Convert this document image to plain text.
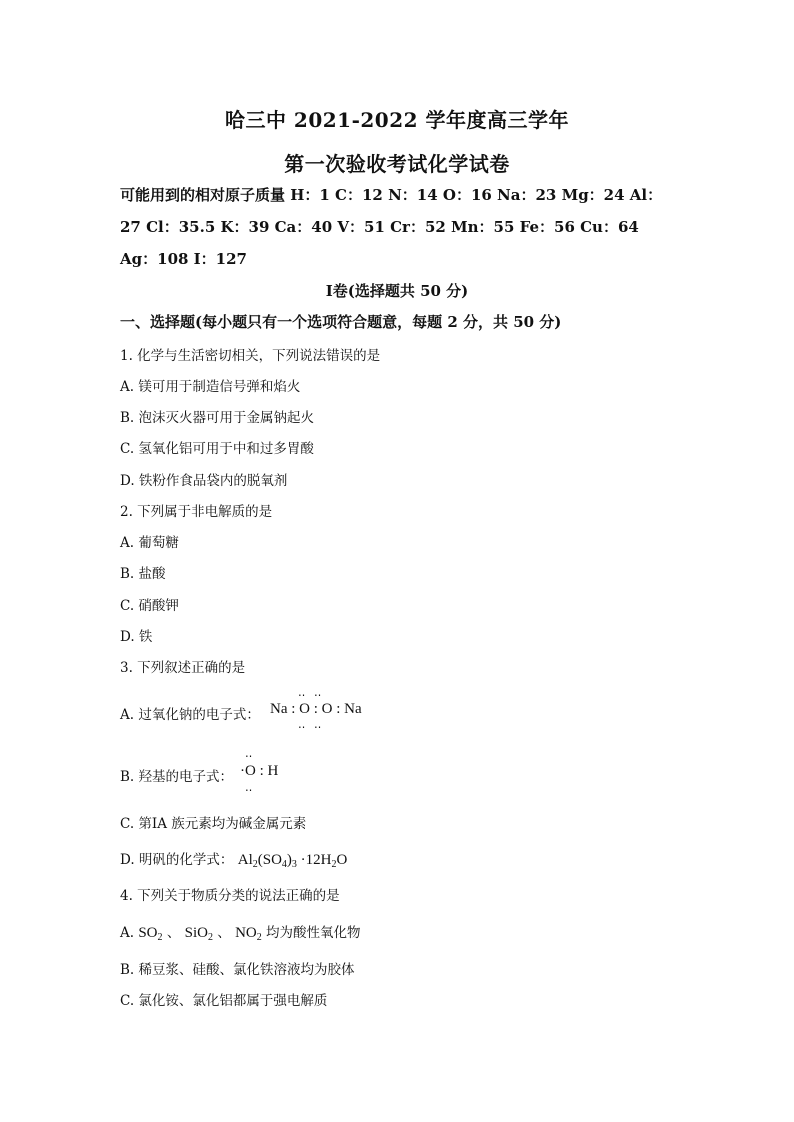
哈三中 2021-2022 学年度高三学年
第一次验收考试化学试卷
可能用到的相对原子质量 H：1 C：12 N：14 O：16 Na：23 Mg：24 Al：
27 Cl：35.5 K：39 Ca：40 V：51 Cr：52 Mn：55 Fe：56 Cu：64
Ag：108 I：127
Ⅰ卷(选择题共 50 分)
一、选择题(每小题只有一个选项符合题意，每题 2 分，共 50 分)
1. 化学与生活密切相关，下列说法错误的是
A. 镁可用于制造信号弹和焰火
B. 泡沫灭火器可用于金属钠起火
C. 氢氧化铝可用于中和过多胃酸
D. 铁粉作食品袋内的脱氧剂
2. 下列属于非电解质的是
A. 葡萄糖
B. 盐酸
C. 硝酸钾
D. 铁
3. 下列叙述正确的是
A. 过氧化钠的电子式：
‥ ‥
Na : O : O : Na
‥ ‥
B. 羟基的电子式：
‥
·O : H
‥
C. 第ⅠA 族元素均为碱金属元素
D. 明矾的化学式： $Al_2(SO_4)_3 \cdot 12H_2O$
4. 下列关于物质分类的说法正确的是
A. $SO_2$ 、 SiO$_2$ 、 $NO_2$ 均为酸性氧化物
B. 稀豆浆、硅酸、氯化铁溶液均为胶体
C. 氯化铵、氯化铝都属于强电解质
